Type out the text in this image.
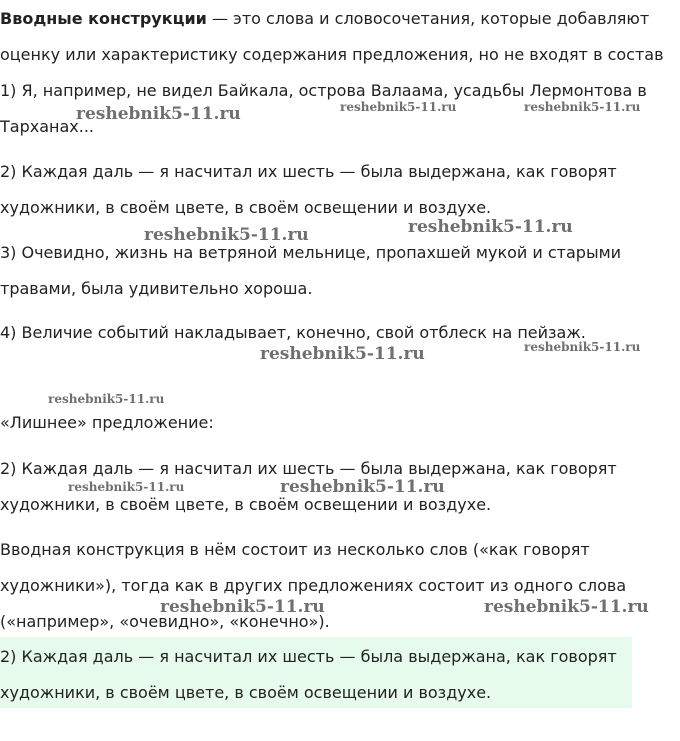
Вводные конструкции — это слова и словосочетания, которые добавляют
оценку или характеристику содержания предложения, но не входят в состав
1) Я, например, не видел Байкала, острова Валаама, усадьбы Лермонтова в
Тарханах...
2) Каждая даль — я насчитал их шесть — была выдержана, как говорят
художники, в своём цвете, в своём освещении и воздухе.
3) Очевидно, жизнь на ветряной мельнице, пропахшей мукой и старыми
травами, была удивительно хороша.
4) Величие событий накладывает, конечно, свой отблеск на пейзаж.
«Лишнее» предложение:
2) Каждая даль — я насчитал их шесть — была выдержана, как говорят
художники, в своём цвете, в своём освещении и воздухе.
Вводная конструкция в нём состоит из несколько слов («как говорят
художники»), тогда как в других предложениях состоит из одного слова
(«например», «очевидно», «конечно»).
2) Каждая даль — я насчитал их шесть — была выдержана, как говорят
художники, в своём цвете, в своём освещении и воздухе.
reshebnik5-11.ru	reshebnik5-11.ru	reshebnik5-11.ru
reshebnik5-11.ru
reshebnik5-11.ru
reshebnik5-11.ru
reshebnik5-11.ru
reshebnik5-11.ru
reshebnik5-11.ru	reshebnik5-11.ru
reshebnik5-11.ru	reshebnik5-11.ru
